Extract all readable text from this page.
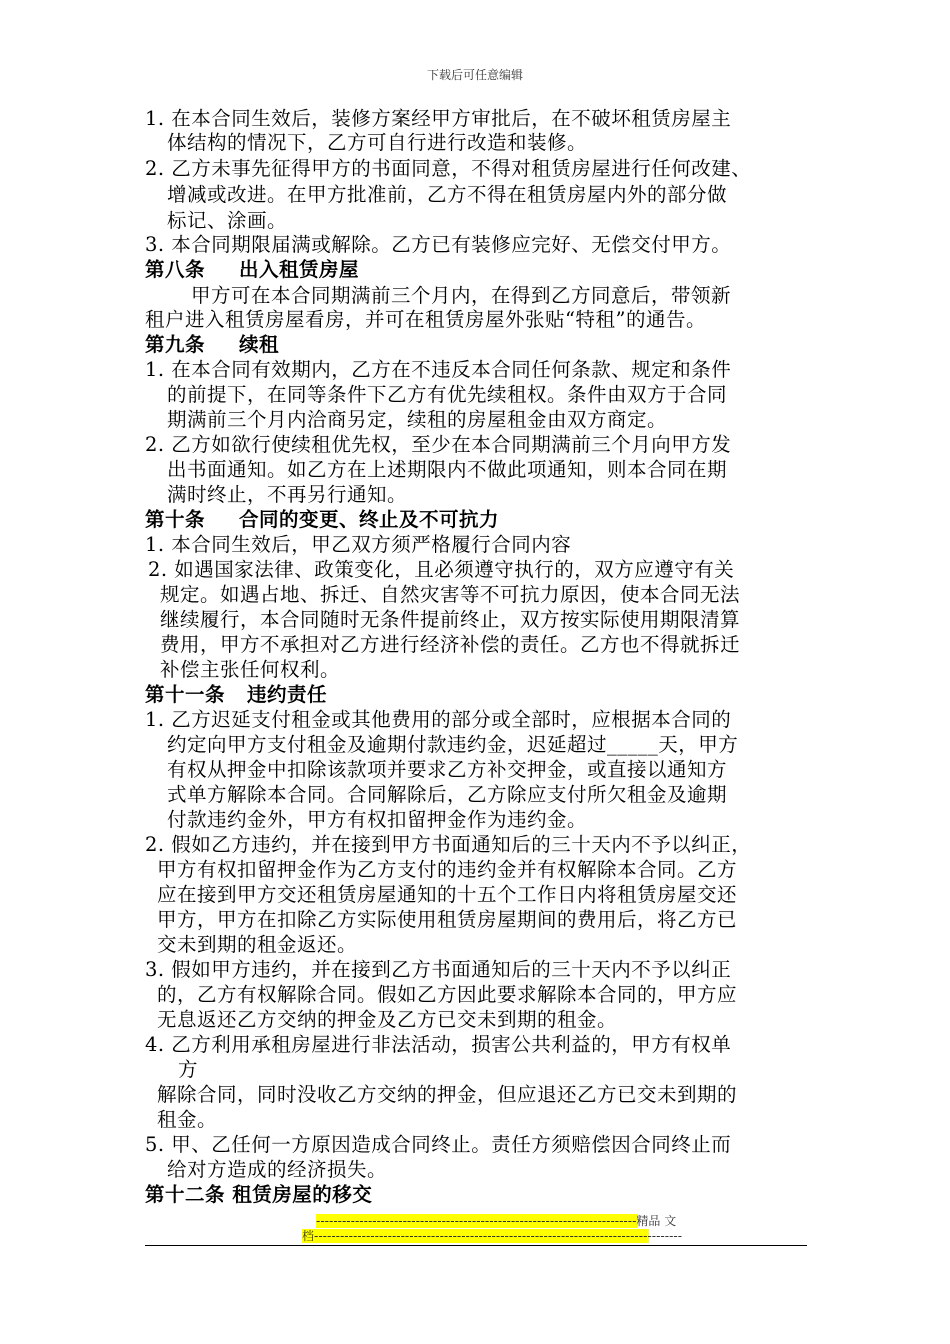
下载后可任意编辑
1. 在本合同生效后，装修方案经甲方审批后，在不破坏租赁房屋主
体结构的情况下，乙方可自行进行改造和装修。
2. 乙方未事先征得甲方的书面同意，不得对租赁房屋进行任何改建、
增减或改进。在甲方批准前，乙方不得在租赁房屋内外的部分做
标记、涂画。
3. 本合同期限届满或解除。乙方已有装修应完好、无偿交付甲方。
第八条 出入租赁房屋
甲方可在本合同期满前三个月内，在得到乙方同意后，带领新
租户进入租赁房屋看房，并可在租赁房屋外张贴“特租”的通告。
第九条 续租
1. 在本合同有效期内，乙方在不违反本合同任何条款、规定和条件
的前提下，在同等条件下乙方有优先续租权。条件由双方于合同
期满前三个月内洽商另定，续租的房屋租金由双方商定。
2. 乙方如欲行使续租优先权，至少在本合同期满前三个月向甲方发
出书面通知。如乙方在上述期限内不做此项通知，则本合同在期
满时终止，不再另行通知。
第十条 合同的变更、终止及不可抗力
1. 本合同生效后，甲乙双方须严格履行合同内容
2. 如遇国家法律、政策变化，且必须遵守执行的，双方应遵守有关
规定。如遇占地、拆迁、自然灾害等不可抗力原因，使本合同无法
继续履行，本合同随时无条件提前终止，双方按实际使用期限清算
费用，甲方不承担对乙方进行经济补偿的责任。乙方也不得就拆迁
补偿主张任何权利。
第十一条 违约责任
1. 乙方迟延支付租金或其他费用的部分或全部时，应根据本合同的
约定向甲方支付租金及逾期付款违约金，迟延超过_____天，甲方
有权从押金中扣除该款项并要求乙方补交押金，或直接以通知方
式单方解除本合同。合同解除后，乙方除应支付所欠租金及逾期
付款违约金外，甲方有权扣留押金作为违约金。
2. 假如乙方违约，并在接到甲方书面通知后的三十天内不予以纠正，
甲方有权扣留押金作为乙方支付的违约金并有权解除本合同。乙方
应在接到甲方交还租赁房屋通知的十五个工作日内将租赁房屋交还
甲方，甲方在扣除乙方实际使用租赁房屋期间的费用后，将乙方已
交未到期的租金返还。
3. 假如甲方违约，并在接到乙方书面通知后的三十天内不予以纠正
的，乙方有权解除合同。假如乙方因此要求解除本合同的，甲方应
无息返还乙方交纳的押金及乙方已交未到期的租金。
4. 乙方利用承租房屋进行非法活动，损害公共利益的，甲方有权单
方
解除合同，同时没收乙方交纳的押金，但应退还乙方已交未到期的
租金。
5. 甲、乙任何一方原因造成合同终止。责任方须赔偿因合同终止而
给对方造成的经济损失。
第十二条 租赁房屋的移交
--------------------------------------------------------------------------精品 文
档-------------------------------------------------------------------------------------
